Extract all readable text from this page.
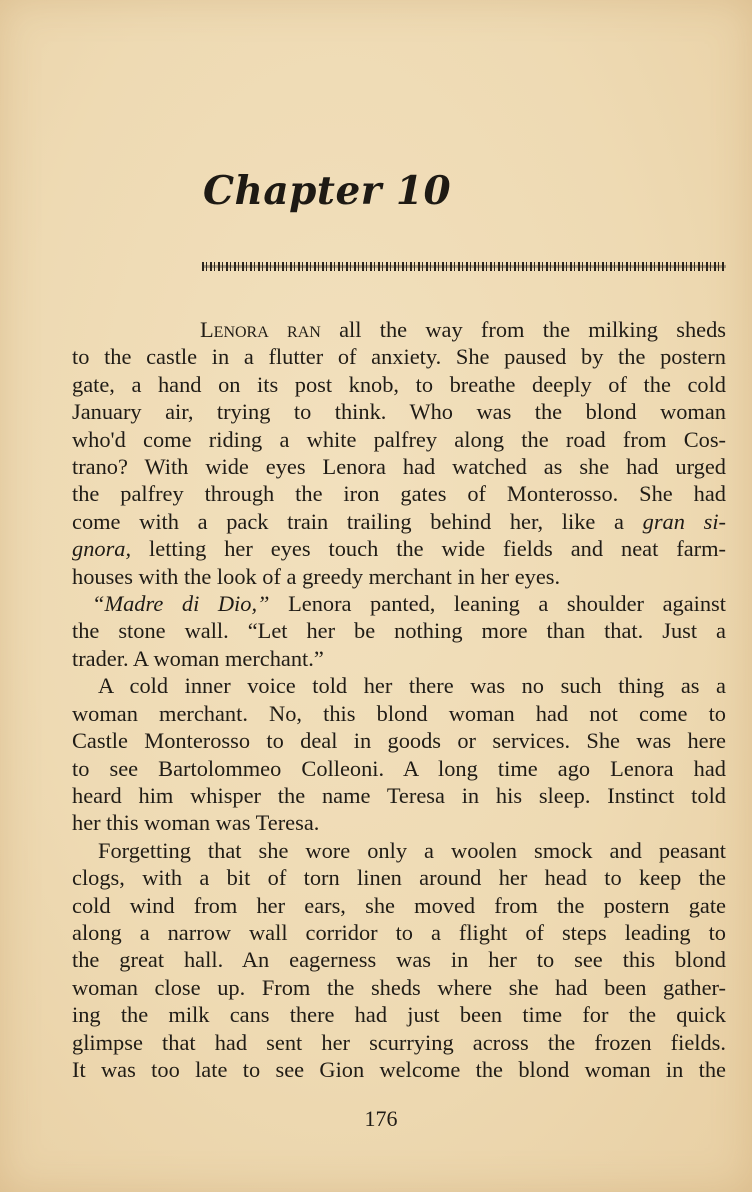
Chapter 10
Lenora ran all the way from the milking sheds
to the castle in a flutter of anxiety. She paused by the postern
gate, a hand on its post knob, to breathe deeply of the cold
January air, trying to think. Who was the blond woman
who'd come riding a white palfrey along the road from Cos-
trano? With wide eyes Lenora had watched as she had urged
the palfrey through the iron gates of Monterosso. She had
come with a pack train trailing behind her, like a gran si-
gnora, letting her eyes touch the wide fields and neat farm-
houses with the look of a greedy merchant in her eyes.
“Madre di Dio,” Lenora panted, leaning a shoulder against
the stone wall. “Let her be nothing more than that. Just a
trader. A woman merchant.”
A cold inner voice told her there was no such thing as a
woman merchant. No, this blond woman had not come to
Castle Monterosso to deal in goods or services. She was here
to see Bartolommeo Colleoni. A long time ago Lenora had
heard him whisper the name Teresa in his sleep. Instinct told
her this woman was Teresa.
Forgetting that she wore only a woolen smock and peasant
clogs, with a bit of torn linen around her head to keep the
cold wind from her ears, she moved from the postern gate
along a narrow wall corridor to a flight of steps leading to
the great hall. An eagerness was in her to see this blond
woman close up. From the sheds where she had been gather-
ing the milk cans there had just been time for the quick
glimpse that had sent her scurrying across the frozen fields.
It was too late to see Gion welcome the blond woman in the
176
